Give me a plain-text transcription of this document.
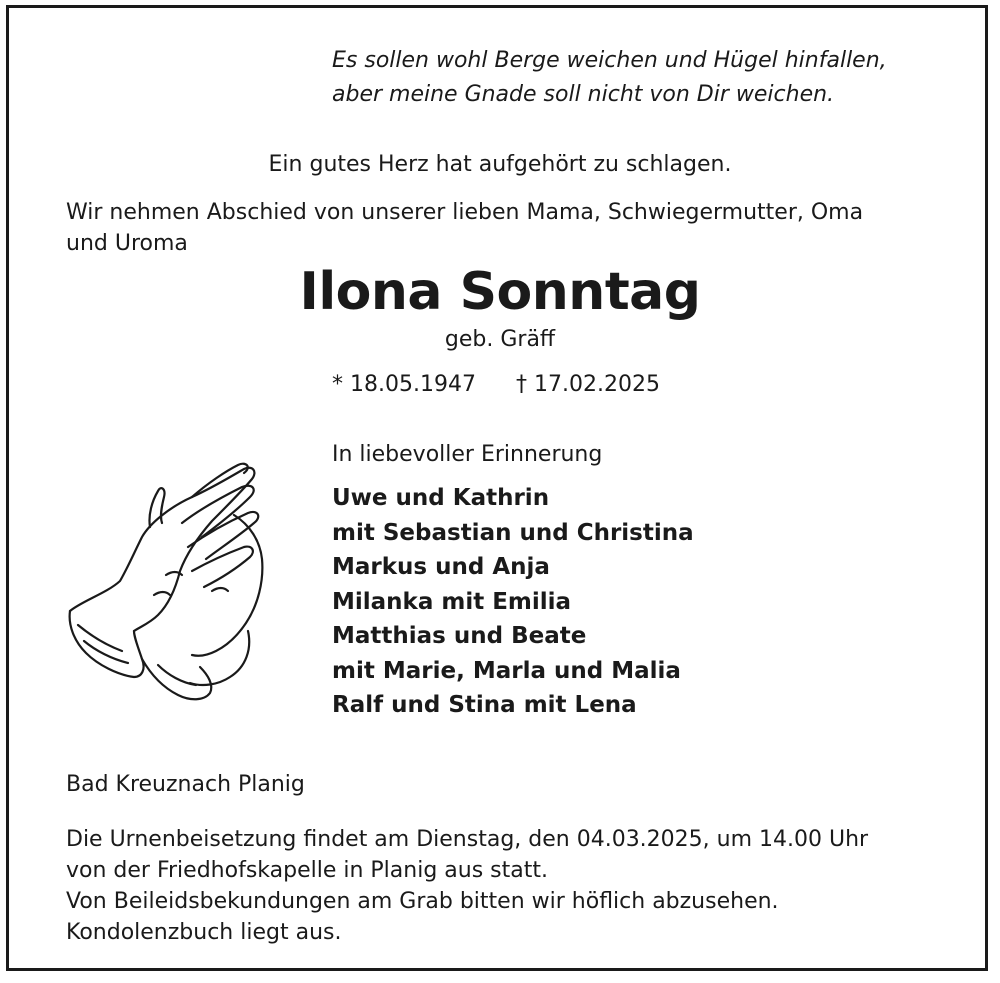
Es sollen wohl Berge weichen und Hügel hinfallen,

aber meine Gnade soll nicht von Dir weichen.

Ein gutes Herz hat aufgehört zu schlagen.

Wir nehmen Abschied von unserer lieben Mama, Schwiegermutter, Oma

und Uroma

Ilona Sonntag

geb. Gräff

* 18.05.1947 † 17.02.2025

In liebevoller Erinnerung

Uwe und Kathrin

mit Sebastian und Christina

Markus und Anja

Milanka mit Emilia

Matthias und Beate

mit Marie, Marla und Malia

Ralf und Stina mit Lena

Bad Kreuznach Planig

Die Urnenbeisetzung findet am Dienstag, den 04.03.2025, um 14.00 Uhr

von der Friedhofskapelle in Planig aus statt.

Von Beileidsbekundungen am Grab bitten wir höflich abzusehen.

Kondolenzbuch liegt aus.
